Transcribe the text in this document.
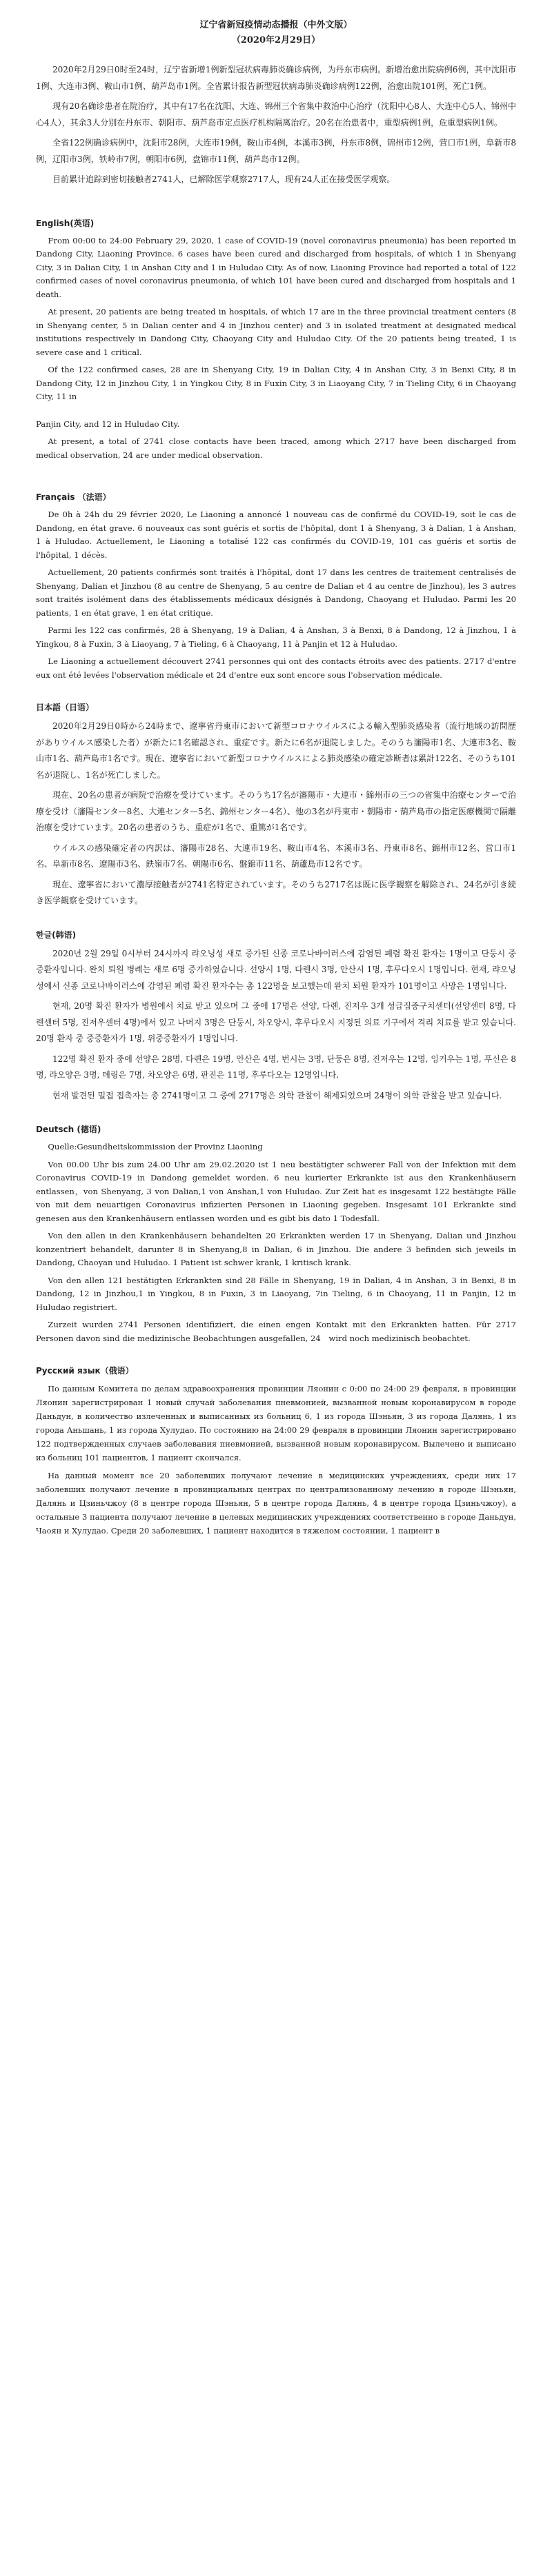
辽宁省新冠疫情动态播报（中外文版）
（2020年2月29日）

2020年2月29日0时至24时，辽宁省新增1例新型冠状病毒肺炎确诊病例，为丹东市病例。新增治愈出院病例6例，其中沈阳市1例、大连市3例、鞍山市1例、葫芦岛市1例。全省累计报告新型冠状病毒肺炎确诊病例122例，治愈出院101例，死亡1例。

现有20名确诊患者在院治疗，其中有17名在沈阳、大连、锦州三个省集中救治中心治疗（沈阳中心8人、大连中心5人、锦州中心4人），其余3人分别在丹东市、朝阳市、葫芦岛市定点医疗机构隔离治疗。20名在治患者中，重型病例1例，危重型病例1例。

全省122例确诊病例中，沈阳市28例，大连市19例，鞍山市4例，本溪市3例，丹东市8例，锦州市12例，营口市1例，阜新市8例，辽阳市3例，铁岭市7例，朝阳市6例，盘锦市11例，葫芦岛市12例。

目前累计追踪到密切接触者2741人，已解除医学观察2717人，现有24人正在接受医学观察。

English(英语)

From 00:00 to 24:00 February 29, 2020, 1 case of COVID-19 (novel coronavirus pneumonia) has been reported in Dandong City, Liaoning Province. 6 cases have been cured and discharged from hospitals, of which 1 in Shenyang City, 3 in Dalian City, 1 in Anshan City and 1 in Huludao City. As of now, Liaoning Province had reported a total of 122 confirmed cases of novel coronavirus pneumonia, of which 101 have been cured and discharged from hospitals and 1 death.

At present, 20 patients are being treated in hospitals, of which 17 are in the three provincial treatment centers (8 in Shenyang center, 5 in Dalian center and 4 in Jinzhou center) and 3 in isolated treatment at designated medical institutions respectively in Dandong City, Chaoyang City and Huludao City. Of the 20 patients being treated, 1 is severe case and 1 critical.

Of the 122 confirmed cases, 28 are in Shenyang City, 19 in Dalian City, 4 in Anshan City, 3 in Benxi City, 8 in Dandong City, 12 in Jinzhou City, 1 in Yingkou City, 8 in Fuxin City, 3 in Liaoyang City, 7 in Tieling City, 6 in Chaoyang City, 11 in

Panjin City, and 12 in Huludao City.

At present, a total of 2741 close contacts have been traced, among which 2717 have been discharged from medical observation, 24 are under medical observation.

Français （法语）

De 0h à 24h du 29 février 2020, Le Liaoning a annoncé 1 nouveau cas de confirmé du COVID-19, soit le cas de Dandong, en état grave. 6 nouveaux cas sont guéris et sortis de l'hôpital, dont 1 à Shenyang, 3 à Dalian, 1 à Anshan, 1 à Huludao. Actuellement, le Liaoning a totalisé 122 cas confirmés du COVID-19, 101 cas guéris et sortis de l'hôpital, 1 décès.

Actuellement, 20 patients confirmés sont traités à l'hôpital, dont 17 dans les centres de traitement centralisés de Shenyang, Dalian et Jinzhou (8 au centre de Shenyang, 5 au centre de Dalian et 4 au centre de Jinzhou), les 3 autres sont traités isolément dans des établissements médicaux désignés à Dandong, Chaoyang et Huludao. Parmi les 20 patients, 1 en état grave, 1 en état critique.

Parmi les 122 cas confirmés, 28 à Shenyang, 19 à Dalian, 4 à Anshan, 3 à Benxi, 8 à Dandong, 12 à Jinzhou, 1 à Yingkou, 8 à Fuxin, 3 à Liaoyang, 7 à Tieling, 6 à Chaoyang, 11 à Panjin et 12 à Huludao.

Le Liaoning a actuellement découvert 2741 personnes qui ont des contacts étroits avec des patients. 2717 d'entre eux ont été levées l'observation médicale et 24 d'entre eux sont encore sous l'observation médicale.

日本語（日语）

2020年2月29日0時から24時まで、遼寧省丹東市において新型コロナウイルスによる輸入型肺炎感染者（流行地域の訪問歴がありウイルス感染した者）が新たに1名確認され、重症です。新たに6名が退院しました。そのうち瀋陽市1名、大連市3名、鞍山市1名、葫芦島市1名です。現在、遼寧省において新型コロナウイルスによる肺炎感染の確定診断者は累計122名、そのうち101名が退院し、1名が死亡しました。

現在、20名の患者が病院で治療を受けています。そのうち17名が瀋陽市・大連市・錦州市の三つの省集中治療センターで治療を受け（瀋陽センター8名、大連センター5名、錦州センター4名）、他の3名が丹東市・朝陽市・葫芦島市の指定医療機関で隔離治療を受けています。20名の患者のうち、重症が1名で、重篤が1名です。

ウイルスの感染確定者の内訳は、瀋陽市28名、大連市19名、鞍山市4名、本溪市3名、丹東市8名、錦州市12名、営口市1名、阜新市8名、遼陽市3名、鉄嶺市7名、朝陽市6名、盤錦市11名、葫蘆島市12名です。

現在、遼寧省において濃厚接触者が2741名特定されています。そのうち2717名は既に医学観察を解除され、24名が引き続き医学観察を受けています。

한글(韩语)

2020년 2월 29일 0시부터 24시까지 랴오닝성 새로 증가된 신종 코로나바이러스에 감염된 폐렴 확진 환자는 1명이고 단둥시 중증환자입니다. 완치 퇴원 병례는 새로 6명 증가하였습니다. 선양시 1명, 다롄시 3명, 안산시 1명, 후루다오시 1명입니다. 현재, 랴오닝성에서 신종 코로나바이러스에 감염된 폐렴 확진 환자수는 총 122명을 보고했는데 완치 퇴원 환자가 101명이고 사망은 1명입니다.

현재, 20명 확진 환자가 병원에서 치료 받고 있으며 그 중에 17명은 선양, 다롄, 진저우 3개 성급집중구치센터(선양센터 8명, 다롄센터 5명, 진저우센터 4명)에서 있고 나머지 3명은 단둥시, 차오양시, 후루다오시 지정된 의료 기구에서 격리 치료를 받고 있습니다. 20명 환자 중 중증환자가 1명, 위중증환자가 1명입니다.

122명 확진 환자 중에 선양은 28명, 다롄은 19명, 안산은 4명, 번시는 3명, 단둥은 8명, 진저우는 12명, 잉커우는 1명, 푸신은 8명, 랴오양은 3명, 톄링은 7명, 차오양은 6명, 판진은 11명, 후루다오는 12명입니다.

현재 발견된 밀접 접촉자는 총 2741명이고 그 중에 2717명은 의학 관찰이 해제되었으며 24명이 의학 관찰을 받고 있습니다.

Deutsch (德语)

Quelle:Gesundheitskommission der Provinz Liaoning

Von 00.00 Uhr bis zum 24.00 Uhr am 29.02.2020 ist 1 neu bestätigter schwerer Fall von der Infektion mit dem Coronavirus COVID-19 in Dandong gemeldet worden. 6 neu kurierter Erkrankte ist aus den Krankenhäusern entlassen，von Shenyang, 3 von Dalian,1 von Anshan,1 von Huludao. Zur Zeit hat es insgesamt 122 bestätigte Fälle von mit dem neuartigen Coronavirus infizierten Personen in Liaoning gegeben. Insgesamt 101 Erkrankte sind genesen aus den Krankenhäusern entlassen worden und es gibt bis dato 1 Todesfall.

Von den allen in den Krankenhäusern behandelten 20 Erkrankten werden 17 in Shenyang, Dalian und Jinzhou konzentriert behandelt, darunter 8 in Shenyang,8 in Dalian, 6 in Jinzhou. Die andere 3 befinden sich jeweils in Dandong, Chaoyan und Huludao. 1 Patient ist schwer krank, 1 kritisch krank.

Von den allen 121 bestätigten Erkrankten sind 28 Fälle in Shenyang, 19 in Dalian, 4 in Anshan, 3 in Benxi, 8 in Dandong, 12 in Jinzhou,1 in Yingkou, 8 in Fuxin, 3 in Liaoyang, 7in Tieling, 6 in Chaoyang, 11 in Panjin, 12 in Huludao registriert.

Zurzeit wurden 2741 Personen identifiziert, die einen engen Kontakt mit den Erkrankten hatten. Für 2717 Personen davon sind die medizinische Beobachtungen ausgefallen, 24　wird noch medizinisch beobachtet.

Русский язык（俄语）

По данным Комитета по делам здравоохранения провинции Ляонин с 0:00 по 24:00 29 февраля, в провинции Ляонин зарегистрирован 1 новый случай заболевания пневмонией, вызванной новым коронавирусом в городе Даньдун, в количество излеченных и выписанных из больниц 6, 1 из города Шэньян, 3 из города Далянь, 1 из города Аньшань, 1 из города Хулудао. По состоянию на 24:00 29 февраля в провинции Ляонин зарегистрировано 122 подтвержденных случаев заболевания пневмонией, вызванной новым коронавирусом. Вылечено и выписано из больниц 101 пациентов, 1 пациент скончался.

На данный момент все 20 заболевших получают лечение в медицинских учреждениях, среди них 17 заболевших получают лечение в провинциальных центрах по централизованному лечению в городе Шэньян, Далянь и Цзиньчжоу (8 в центре города Шэньян, 5 в центре города Далянь, 4 в центре города Цзиньчжоу), а остальные 3 пациента получают лечение в целевых медицинских учреждениях соответственно в городе Даньдун, Чаоян и Хулудао. Среди 20 заболевших, 1 пациент находится в тяжелом состоянии, 1 пациент в
